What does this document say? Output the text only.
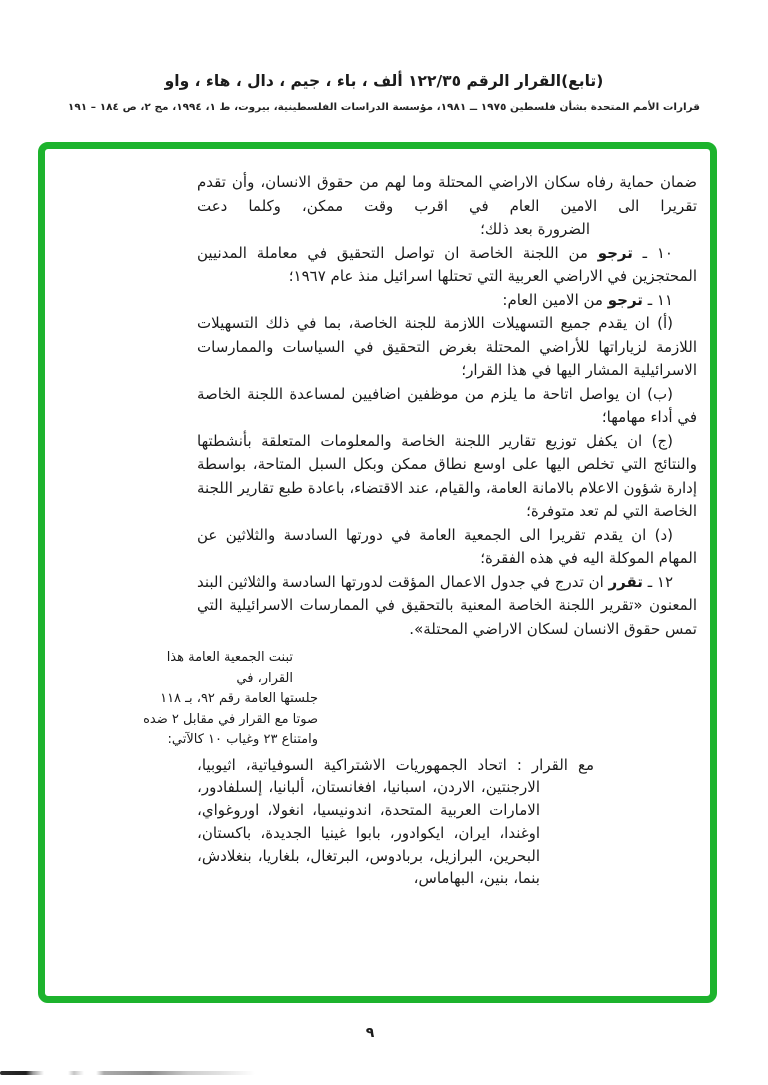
(تابع)القرار الرقم ١٢٢/٣٥ ألف ، باء ، جيم ، دال ، هاء ، واو
قرارات الأمم المتحدة بشأن فلسطين ١٩٧٥ ــ ١٩٨١، مؤسسة الدراسات الفلسطينية، بيروت، ط ١، ١٩٩٤، مج ٢، ص ١٨٤ – ١٩١

ضمان حماية رفاه سكان الاراضي المحتلة وما لهم من حقوق الانسان، وأن تقدم تقريرا الى الامين العام في اقرب وقت ممكن، وكلما دعت

الضرورة بعد ذلك؛

١٠ ـ ترجو من اللجنة الخاصة ان تواصل التحقيق في معاملة المدنيين المحتجزين في الاراضي العربية التي تحتلها اسرائيل منذ عام ١٩٦٧؛

١١ ـ ترجو من الامين العام:

(أ) ان يقدم جميع التسهيلات اللازمة للجنة الخاصة، بما في ذلك التسهيلات اللازمة لزياراتها للأراضي المحتلة بغرض التحقيق في السياسات والممارسات الاسرائيلية المشار اليها في هذا القرار؛

(ب) ان يواصل اتاحة ما يلزم من موظفين اضافيين لمساعدة اللجنة الخاصة في أداء مهامها؛

(ج) ان يكفل توزيع تقارير اللجنة الخاصة والمعلومات المتعلقة بأنشطتها والنتائج التي تخلص اليها على اوسع نطاق ممكن وبكل السبل المتاحة، بواسطة إدارة شؤون الاعلام بالامانة العامة، والقيام، عند الاقتضاء، باعادة طبع تقارير اللجنة الخاصة التي لم تعد متوفرة؛

(د) ان يقدم تقريرا الى الجمعية العامة في دورتها السادسة والثلاثين عن المهام الموكلة اليه في هذه الفقرة؛

١٢ ـ تقرر ان تدرج في جدول الاعمال المؤقت لدورتها السادسة والثلاثين البند المعنون «تقرير اللجنة الخاصة المعنية بالتحقيق في الممارسات الاسرائيلية التي تمس حقوق الانسان لسكان الاراضي المحتلة».

تبنت الجمعية العامة هذا القرار، في
جلستها العامة رقم ٩٢، بـ ١١٨
صوتا مع القرار في مقابل ٢ ضده
وامتناع ٢٣ وغياب ١٠ كالآتي:

مع القرار : اتحاد الجمهوريات الاشتراكية السوفياتية، اثيوبيا، الارجنتين، الاردن، اسبانيا، افغانستان، ألبانيا، إلسلفادور، الامارات العربية المتحدة، اندونيسيا، انغولا، اوروغواي، اوغندا، ايران، ايكوادور، بابوا غينيا الجديدة، باكستان، البحرين، البرازيل، بربادوس، البرتغال، بلغاريا، بنغلادش، بنما، بنين، البهاماس،

٩
